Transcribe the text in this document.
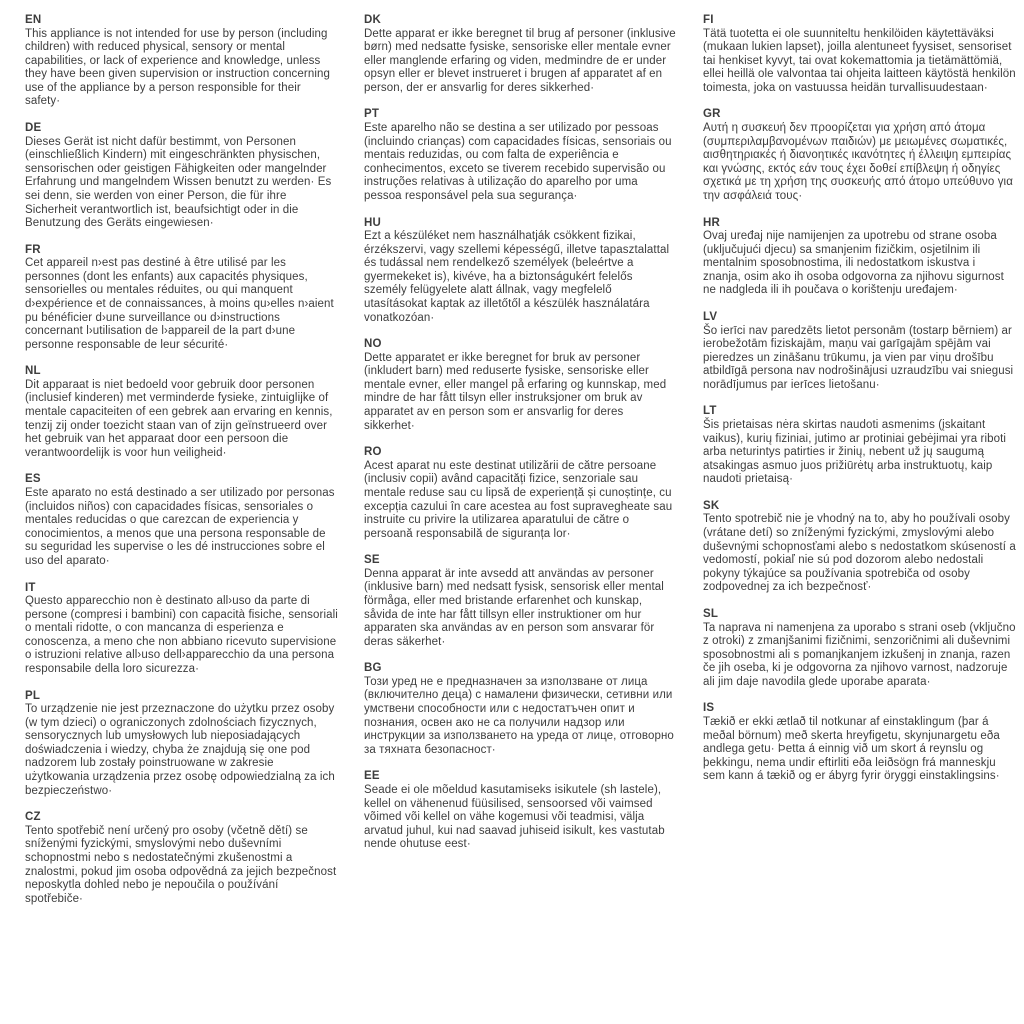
EN

This appliance is not intended for use by person (including children) with reduced physical, sensory or mental capabilities, or lack of experience and knowledge, unless they have been given supervision or instruction concerning use of the appliance by a person responsible for their safety·

DE

Dieses Gerät ist nicht dafür bestimmt, von Personen (einschließlich Kindern) mit eingeschränkten physischen, sensorischen oder geistigen Fähigkeiten oder mangelnder Erfahrung und mangelndem Wissen benutzt zu werden· Es sei denn, sie werden von einer Person, die für ihre Sicherheit verantwortlich ist, beaufsichtigt oder in die Benutzung des Geräts eingewiesen·

FR

Cet appareil n›est pas destiné à être utilisé par les personnes (dont les enfants) aux capacités physiques, sensorielles ou mentales réduites, ou qui manquent d›expérience et de connaissances, à moins qu›elles n›aient pu bénéficier d›une surveillance ou d›instructions concernant l›utilisation de l›appareil de la part d›une personne responsable de leur sécurité·

NL

Dit apparaat is niet bedoeld voor gebruik door personen (inclusief kinderen) met verminderde fysieke, zintuiglijke of mentale capaciteiten of een gebrek aan ervaring en kennis, tenzij zij onder toezicht staan van of zijn geïnstrueerd over het gebruik van het apparaat door een persoon die verantwoordelijk is voor hun veiligheid·

ES

Este aparato no está destinado a ser utilizado por personas (incluidos niños) con capacidades físicas, sensoriales o mentales reducidas o que carezcan de experiencia y conocimientos, a menos que una persona responsable de su seguridad les supervise o les dé instrucciones sobre el uso del aparato·

IT

Questo apparecchio non è destinato all›uso da parte di persone (compresi i bambini) con capacità fisiche, sensoriali o mentali ridotte, o con mancanza di esperienza e conoscenza, a meno che non abbiano ricevuto supervisione o istruzioni relative all›uso dell›apparecchio da una persona responsabile della loro sicurezza·

PL

To urządzenie nie jest przeznaczone do użytku przez osoby (w tym dzieci) o ograniczonych zdolnościach fizycznych, sensorycznych lub umysłowych lub nieposiadających doświadczenia i wiedzy, chyba że znajdują się one pod nadzorem lub zostały poinstruowane w zakresie użytkowania urządzenia przez osobę odpowiedzialną za ich bezpieczeństwo·

CZ

Tento spotřebič není určený pro osoby (včetně dětí) se sníženými fyzickými, smyslovými nebo duševními schopnostmi nebo s nedostatečnými zkušenostmi a znalostmi, pokud jim osoba odpovědná za jejich bezpečnost neposkytla dohled nebo je nepoučila o používání spotřebiče·

DK

Dette apparat er ikke beregnet til brug af personer (inklusive børn) med nedsatte fysiske, sensoriske eller mentale evner eller manglende erfaring og viden, medmindre de er under opsyn eller er blevet instrueret i brugen af apparatet af en person, der er ansvarlig for deres sikkerhed·

PT

Este aparelho não se destina a ser utilizado por pessoas (incluindo crianças) com capacidades físicas, sensoriais ou mentais reduzidas, ou com falta de experiência e conhecimentos, exceto se tiverem recebido supervisão ou instruções relativas à utilização do aparelho por uma pessoa responsável pela sua segurança·

HU

Ezt a készüléket nem használhatják csökkent fizikai, érzékszervi, vagy szellemi képességű, illetve tapasztalattal és tudással nem rendelkező személyek (beleértve a gyermekeket is), kivéve, ha a biztonságukért felelős személy felügyelete alatt állnak, vagy megfelelő utasításokat kaptak az illetőtől a készülék használatára vonatkozóan·

NO

Dette apparatet er ikke beregnet for bruk av personer (inkludert barn) med reduserte fysiske, sensoriske eller mentale evner, eller mangel på erfaring og kunnskap, med mindre de har fått tilsyn eller instruksjoner om bruk av apparatet av en person som er ansvarlig for deres sikkerhet·

RO

Acest aparat nu este destinat utilizării de către persoane (inclusiv copii) având capacități fizice, senzoriale sau mentale reduse sau cu lipsă de experiență și cunoștințe, cu excepția cazului în care acestea au fost supravegheate sau instruite cu privire la utilizarea aparatului de către o persoană responsabilă de siguranța lor·

SE

Denna apparat är inte avsedd att användas av personer (inklusive barn) med nedsatt fysisk, sensorisk eller mental förmåga, eller med bristande erfarenhet och kunskap, såvida de inte har fått tillsyn eller instruktioner om hur apparaten ska användas av en person som ansvarar för deras säkerhet·

BG

Този уред не е предназначен за използване от лица (включително деца) с намалени физически, сетивни или умствени способности или с недостатъчен опит и познания, освен ако не са получили надзор или инструкции за използването на уреда от лице, отговорно за тяхната безопасност·

EE

Seade ei ole mõeldud kasutamiseks isikutele (sh lastele), kellel on vähenenud füüsilised, sensoorsed või vaimsed võimed või kellel on vähe kogemusi või teadmisi, välja arvatud juhul, kui nad saavad juhiseid isikult, kes vastutab nende ohutuse eest·

FI

Tätä tuotetta ei ole suunniteltu henkilöiden käytettäväksi (mukaan lukien lapset), joilla alentuneet fyysiset, sensoriset tai henkiset kyvyt, tai ovat kokemattomia ja tietämättömiä, ellei heillä ole valvontaa tai ohjeita laitteen käytöstä henkilön toimesta, joka on vastuussa heidän turvallisuudestaan·

GR

Αυτή η συσκευή δεν προορίζεται για χρήση από άτομα (συμπεριλαμβανομένων παιδιών) με μειωμένες σωματικές, αισθητηριακές ή διανοητικές ικανότητες ή έλλειψη εμπειρίας και γνώσης, εκτός εάν τους έχει δοθεί επίβλεψη ή οδηγίες σχετικά με τη χρήση της συσκευής από άτομο υπεύθυνο για την ασφάλειά τους·

HR

Ovaj uređaj nije namijenjen za upotrebu od strane osoba (uključujući djecu) sa smanjenim fizičkim, osjetilnim ili mentalnim sposobnostima, ili nedostatkom iskustva i znanja, osim ako ih osoba odgovorna za njihovu sigurnost ne nadgleda ili ih poučava o korištenju uređajem·

LV

Šo ierīci nav paredzēts lietot personām (tostarp bērniem) ar ierobežotām fiziskajām, maņu vai garīgajām spējām vai pieredzes un zināšanu trūkumu, ja vien par viņu drošību atbildīgā persona nav nodrošinājusi uzraudzību vai sniegusi norādījumus par ierīces lietošanu·

LT

Šis prietaisas nėra skirtas naudoti asmenims (įskaitant vaikus), kurių fiziniai, jutimo ar protiniai gebėjimai yra riboti arba neturintys patirties ir žinių, nebent už jų saugumą atsakingas asmuo juos prižiūrėtų arba instruktuotų, kaip naudoti prietaisą·

SK

Tento spotrebič nie je vhodný na to, aby ho používali osoby (vrátane detí) so zníženými fyzickými, zmyslovými alebo duševnými schopnosťami alebo s nedostatkom skúseností a vedomostí, pokiaľ nie sú pod dozorom alebo nedostali pokyny týkajúce sa používania spotrebiča od osoby zodpovednej za ich bezpečnosť·

SL

Ta naprava ni namenjena za uporabo s strani oseb (vključno z otroki) z zmanjšanimi fizičnimi, senzoričnimi ali duševnimi sposobnostmi ali s pomanjkanjem izkušenj in znanja, razen če jih oseba, ki je odgovorna za njihovo varnost, nadzoruje ali jim daje navodila glede uporabe aparata·

IS

Tækið er ekki ætlað til notkunar af einstaklingum (þar á meðal börnum) með skerta hreyfigetu, skynjunargetu eða andlega getu· Þetta á einnig við um skort á reynslu og þekkingu, nema undir eftirliti eða leiðsögn frá manneskju sem kann á tækið og er ábyrg fyrir öryggi einstaklingsins·
